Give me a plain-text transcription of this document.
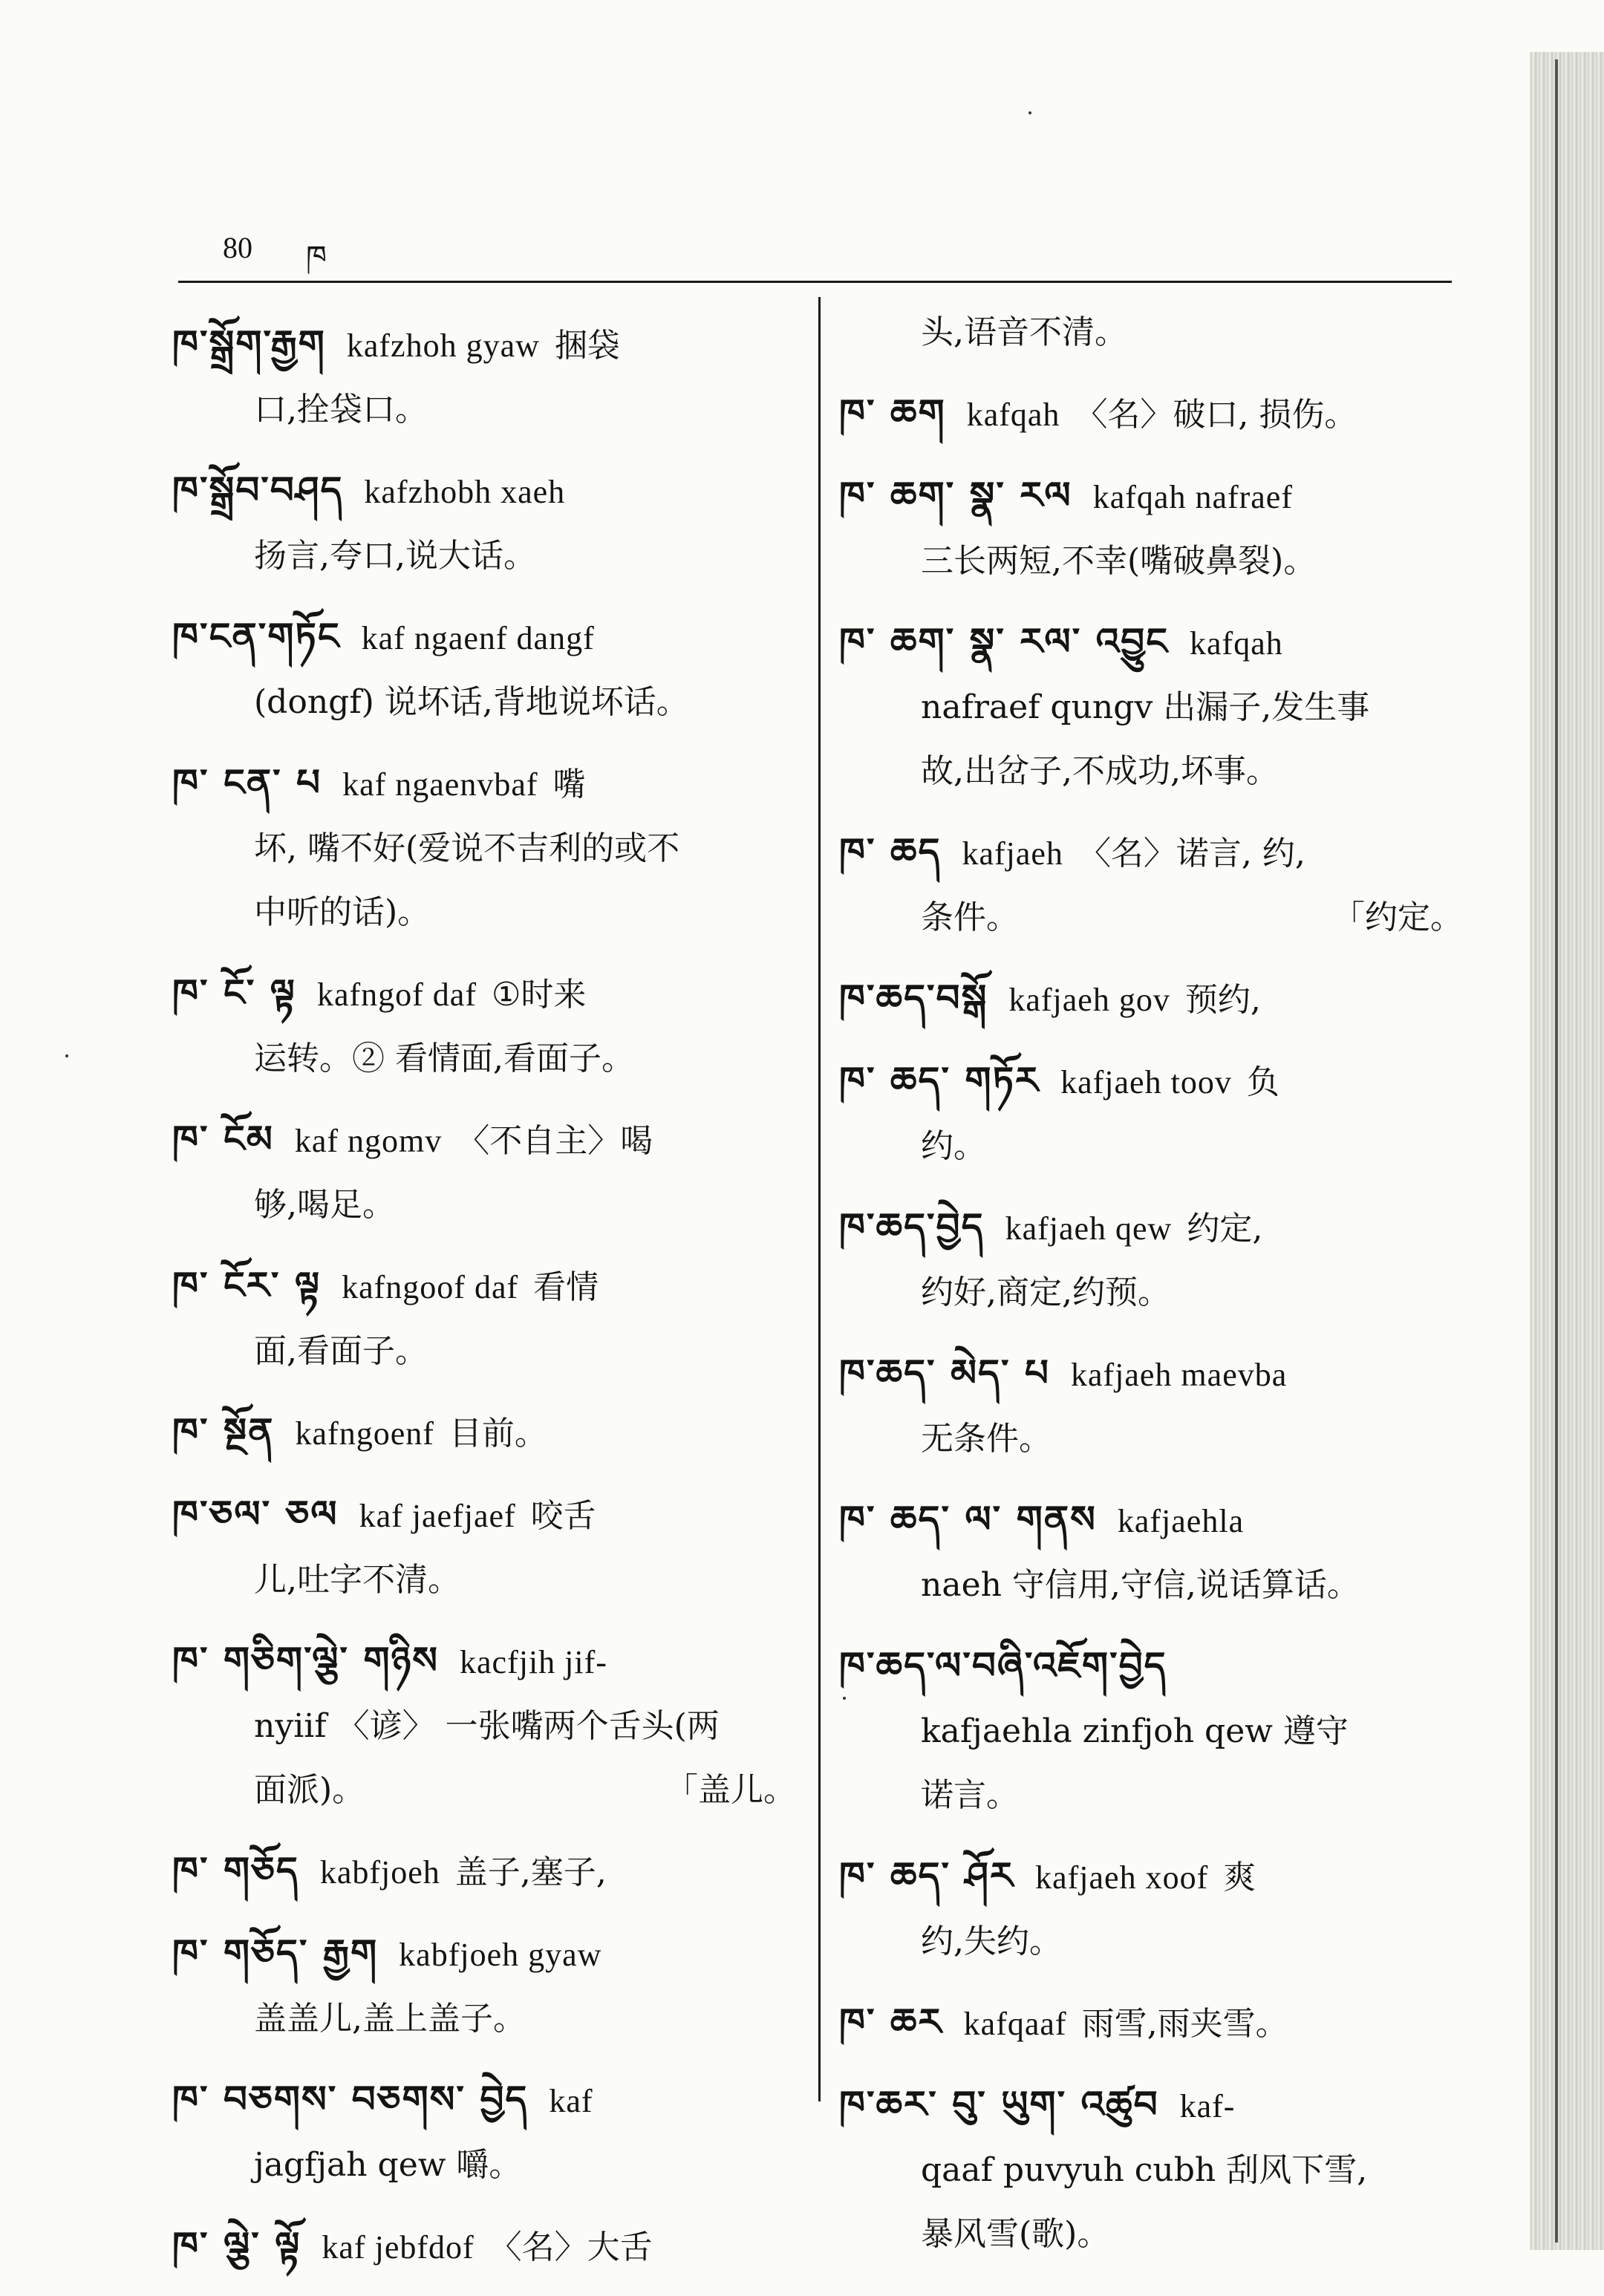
80 ཁ
ཁ་སྒྲོག་རྒྱག kafzhoh gyaw 捆袋
口,拴袋口。
ཁ་སྒྲོབ་བཤད kafzhobh xaeh
扬言,夸口,说大话。
ཁ་ངན་གཏོང kaf ngaenf dangf
(dongf) 说坏话,背地说坏话。
ཁ་ ངན་ པ kaf ngaenvbaf 嘴
坏, 嘴不好(爱说不吉利的或不
中听的话)。
ཁ་ ངོ་ ལྟ kafngof daf ①时来
运转。② 看情面,看面子。
ཁ་ ངོམ kaf ngomv 〈不自主〉喝
够,喝足。
ཁ་ ངོར་ ལྟ kafngoof daf 看情
面,看面子。
ཁ་ སྔོན kafngoenf 目前。
ཁ་ཅལ་ ཅལ kaf jaefjaef 咬舌
儿,吐字不清。
ཁ་ གཅིག་ལྕེ་ གཉིས kacfjih jif-
nyiif 〈谚〉 一张嘴两个舌头(两
面派)。	「盖儿。
ཁ་ གཅོད kabfjoeh 盖子,塞子,
ཁ་ གཅོད་ རྒྱག kabfjoeh gyaw
盖盖儿,盖上盖子。
ཁ་ བཅགས་ བཅགས་ བྱེད kaf
jagfjah qew 嚼。
ཁ་ ལྕེ་ ལྟོ kaf jebfdof 〈名〉大舌
头,语音不清。
ཁ་ ཆག kafqah 〈名〉破口, 损伤。
ཁ་ ཆག་ སྣ་ རལ kafqah nafraef
三长两短,不幸(嘴破鼻裂)。
ཁ་ ཆག་ སྣ་ རལ་ འབྱུང kafqah
nafraef qungv 出漏子,发生事
故,出岔子,不成功,坏事。
ཁ་ ཆད kafjaeh 〈名〉诺言, 约,
条件。	「约定。
ཁ་ཆད་བསྒོ kafjaeh gov 预约,
ཁ་ ཆད་ གཏོར kafjaeh toov 负
约。
ཁ་ཆད་བྱེད kafjaeh qew 约定,
约好,商定,约预。
ཁ་ཆད་ མེད་ པ kafjaeh maevba
无条件。
ཁ་ ཆད་ ལ་ གནས kafjaehla
naeh 守信用,守信,说话算话。
ཁ་ཆད་ལ་བཞི་འཇོག་བྱེད
kafjaehla zinfjoh qew 遵守
诺言。
ཁ་ ཆད་ ཤོར kafjaeh xoof 爽
约,失约。
ཁ་ ཆར kafqaaf 雨雪,雨夹雪。
ཁ་ཆར་ བུ་ ཡུག་ འཚུབ kaf-
qaaf puvyuh cubh 刮风下雪,
暴风雪(歌)。
